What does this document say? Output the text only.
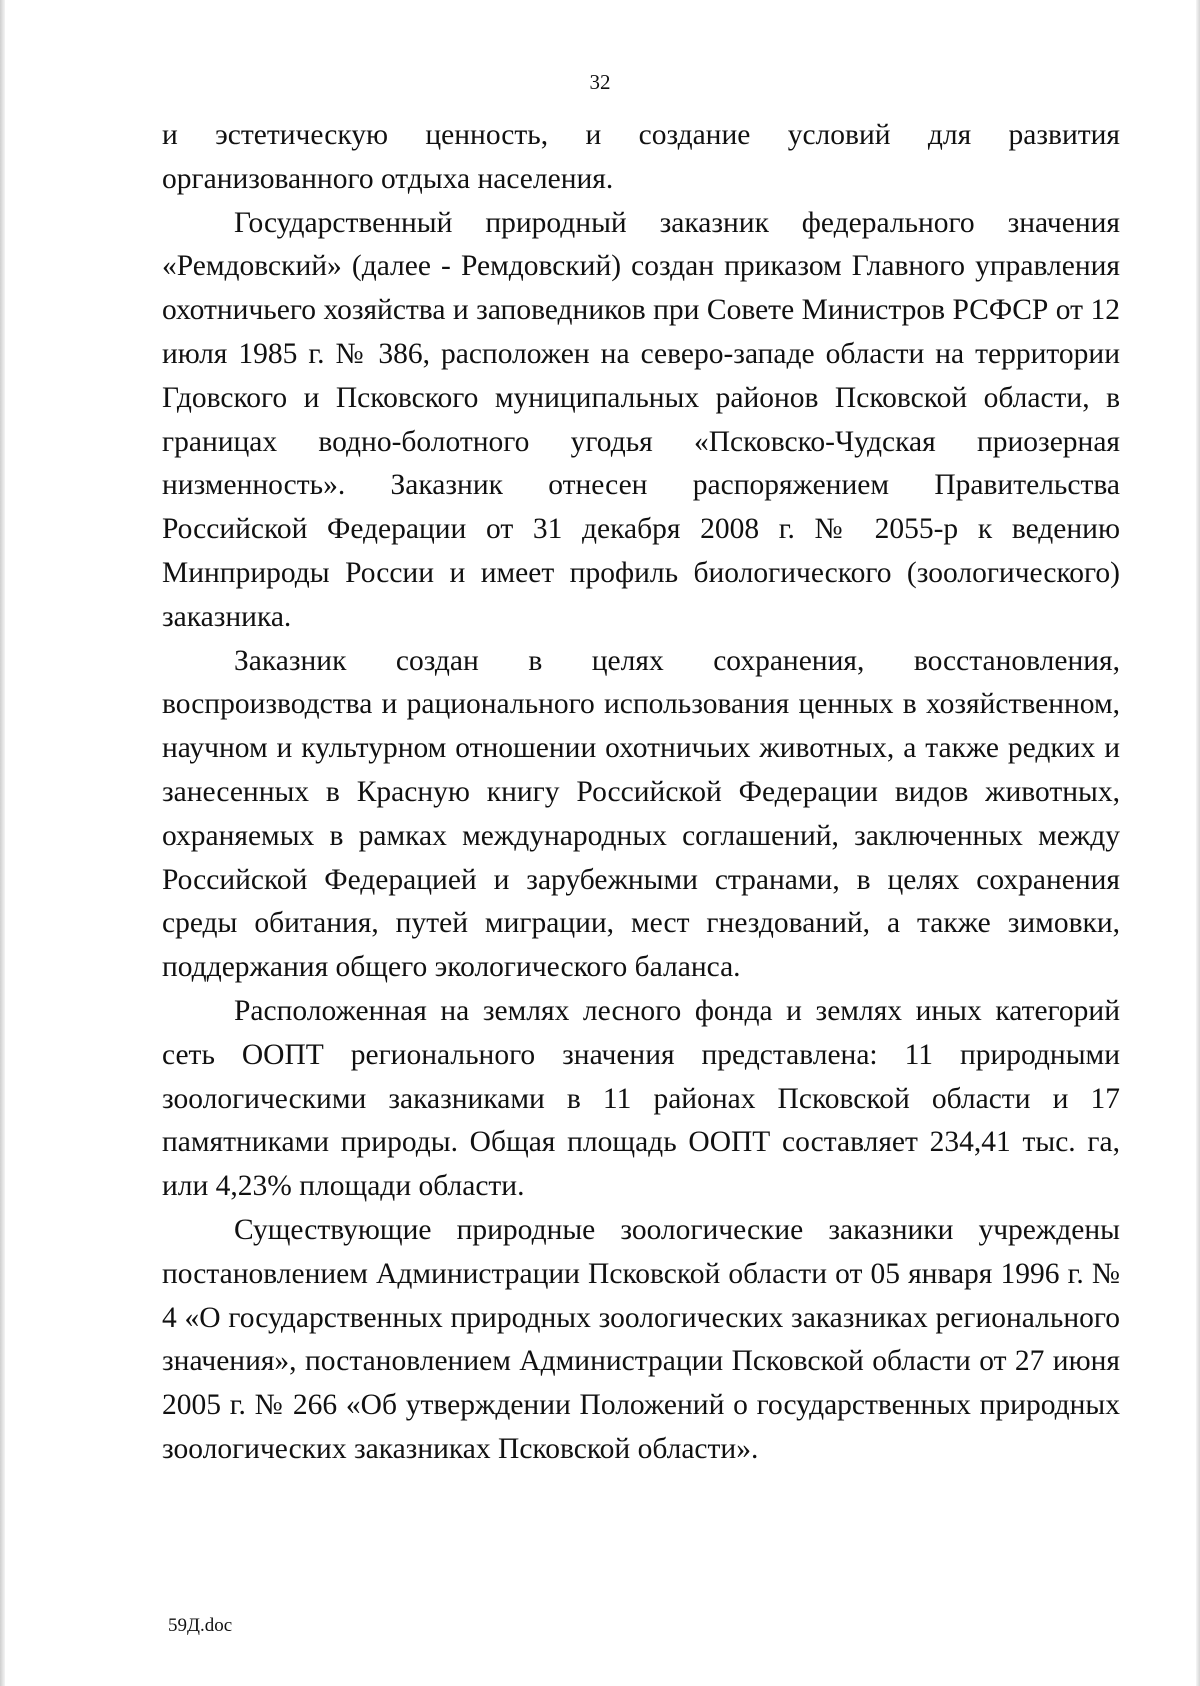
32

и эстетическую ценность, и создание условий для развития организованного отдыха населения.

Государственный природный заказник федерального значения «Ремдовский» (далее - Ремдовский) создан приказом Главного управления охотничьего хозяйства и заповедников при Совете Министров РСФСР от 12 июля 1985 г. № 386, расположен на северо-западе области на территории Гдовского и Псковского муниципальных районов Псковской области, в границах водно-болотного угодья «Псковско-Чудская приозерная низменность». Заказник отнесен распоряжением Правительства Российской Федерации от 31 декабря 2008 г. № 2055-р к ведению Минприроды России и имеет профиль биологического (зоологического) заказника.

Заказник создан в целях сохранения, восстановления, воспроизводства и рационального использования ценных в хозяйственном, научном и культурном отношении охотничьих животных, а также редких и занесенных в Красную книгу Российской Федерации видов животных, охраняемых в рамках международных соглашений, заключенных между Российской Федерацией и зарубежными странами, в целях сохранения среды обитания, путей миграции, мест гнездований, а также зимовки, поддержания общего экологического баланса.

Расположенная на землях лесного фонда и землях иных категорий сеть ООПТ регионального значения представлена: 11 природными зоологическими заказниками в 11 районах Псковской области и 17 памятниками природы. Общая площадь ООПТ составляет 234,41 тыс. га, или 4,23% площади области.

Существующие природные зоологические заказники учреждены постановлением Администрации Псковской области от 05 января 1996 г. № 4 «О государственных природных зоологических заказниках регионального значения», постановлением Администрации Псковской области от 27 июня 2005 г. № 266 «Об утверждении Положений о государственных природных зоологических заказниках Псковской области».

59Д.doc
